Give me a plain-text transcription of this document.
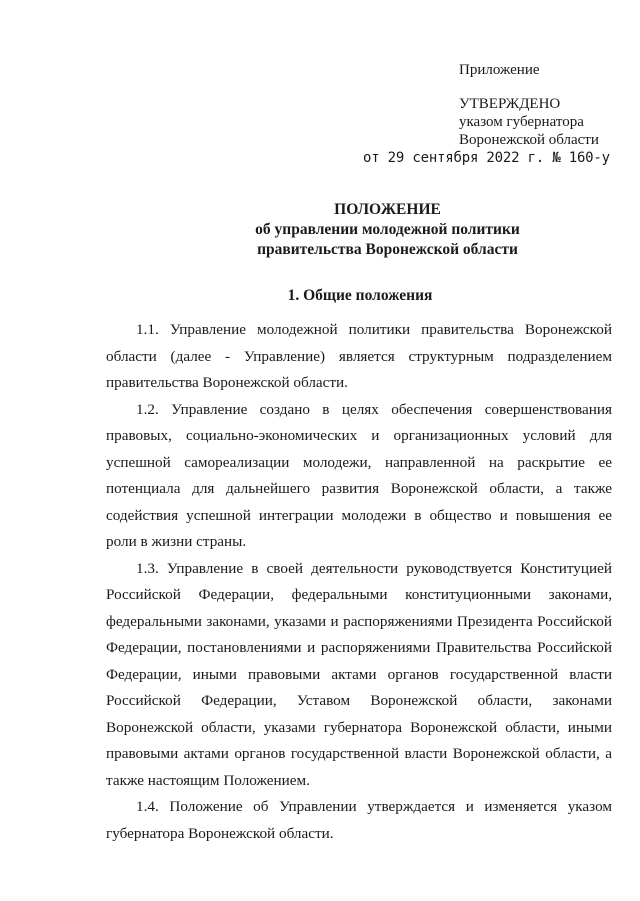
Приложение
УТВЕРЖДЕНО
указом губернатора
Воронежской области
от 29 сентября 2022 г. № 160-у
ПОЛОЖЕНИЕ
об управлении молодежной политики
правительства Воронежской области
1. Общие положения

1.1. Управление молодежной политики правительства Воронежской области (далее - Управление) является структурным подразделением правительства Воронежской области.

1.2. Управление создано в целях обеспечения совершенствования правовых, социально-экономических и организационных условий для успешной самореализации молодежи, направленной на раскрытие ее потенциала для дальнейшего развития Воронежской области, а также содействия успешной интеграции молодежи в общество и повышения ее роли в жизни страны.

1.3. Управление в своей деятельности руководствуется Конституцией Российской Федерации, федеральными конституционными законами, федеральными законами, указами и распоряжениями Президента Российской Федерации, постановлениями и распоряжениями Правительства Российской Федерации, иными правовыми актами органов государственной власти Российской Федерации, Уставом Воронежской области, законами Воронежской области, указами губернатора Воронежской области, иными правовыми актами органов государственной власти Воронежской области, а также настоящим Положением.

1.4. Положение об Управлении утверждается и изменяется указом губернатора Воронежской области.
